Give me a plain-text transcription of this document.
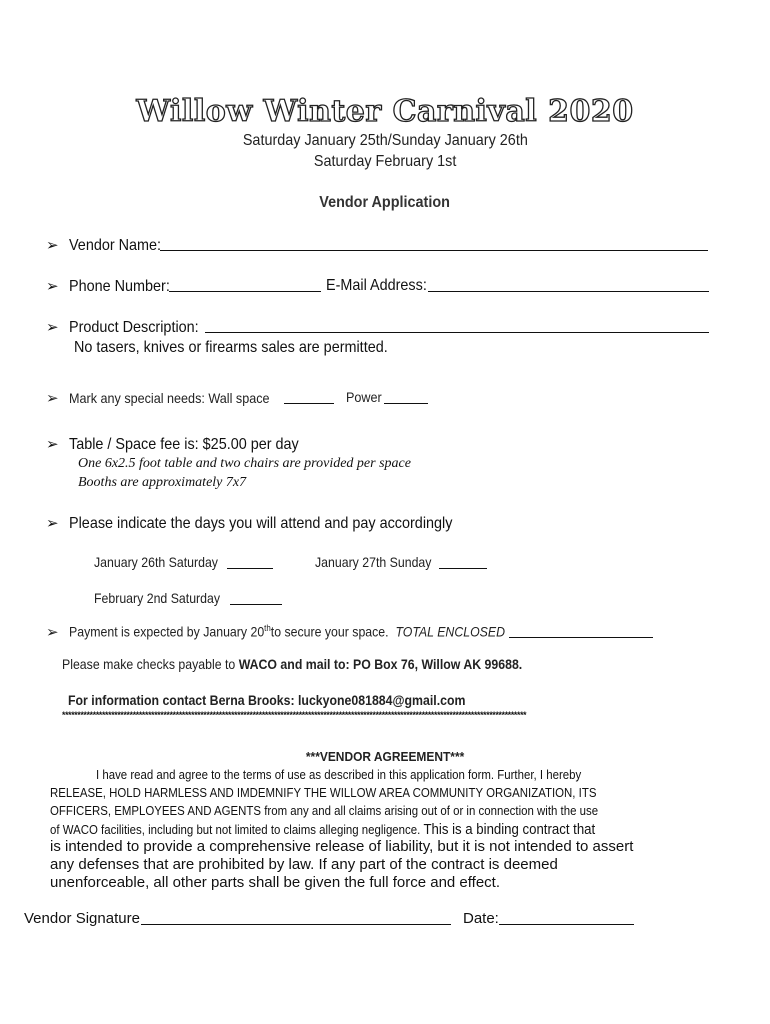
Willow Winter Carnival 2020
Saturday January 25th/Sunday January 26th
Saturday February 1st
Vendor Application
➢ Vendor Name:
➢ Phone Number:	E-Mail Address:
➢ Product Description:
No tasers, knives or firearms sales are permitted.
➢ Mark any special needs: Wall space	Power
➢ Table / Space fee is: $25.00 per day
One 6x2.5 foot table and two chairs are provided per space
Booths are approximately 7x7
➢ Please indicate the days you will attend and pay accordingly
January 26th Saturday	January 27th Sunday
February 2nd Saturday
➢ Payment is expected by January 20thto secure your space. TOTAL ENCLOSED
Please make checks payable to WACO and mail to: PO Box 76, Willow AK 99688.
For information contact Berna Brooks: luckyone081884@gmail.com
*******************************************************************************************************************************************************
***VENDOR AGREEMENT***
I have read and agree to the terms of use as described in this application form. Further, I hereby
RELEASE, HOLD HARMLESS AND IMDEMNIFY THE WILLOW AREA COMMUNITY ORGANIZATION, ITS
OFFICERS, EMPLOYEES AND AGENTS from any and all claims arising out of or in connection with the use
of WACO facilities, including but not limited to claims alleging negligence. This is a binding contract that
is intended to provide a comprehensive release of liability, but it is not intended to assert
any defenses that are prohibited by law. If any part of the contract is deemed
unenforceable, all other parts shall be given the full force and effect.
Vendor Signature	Date:
